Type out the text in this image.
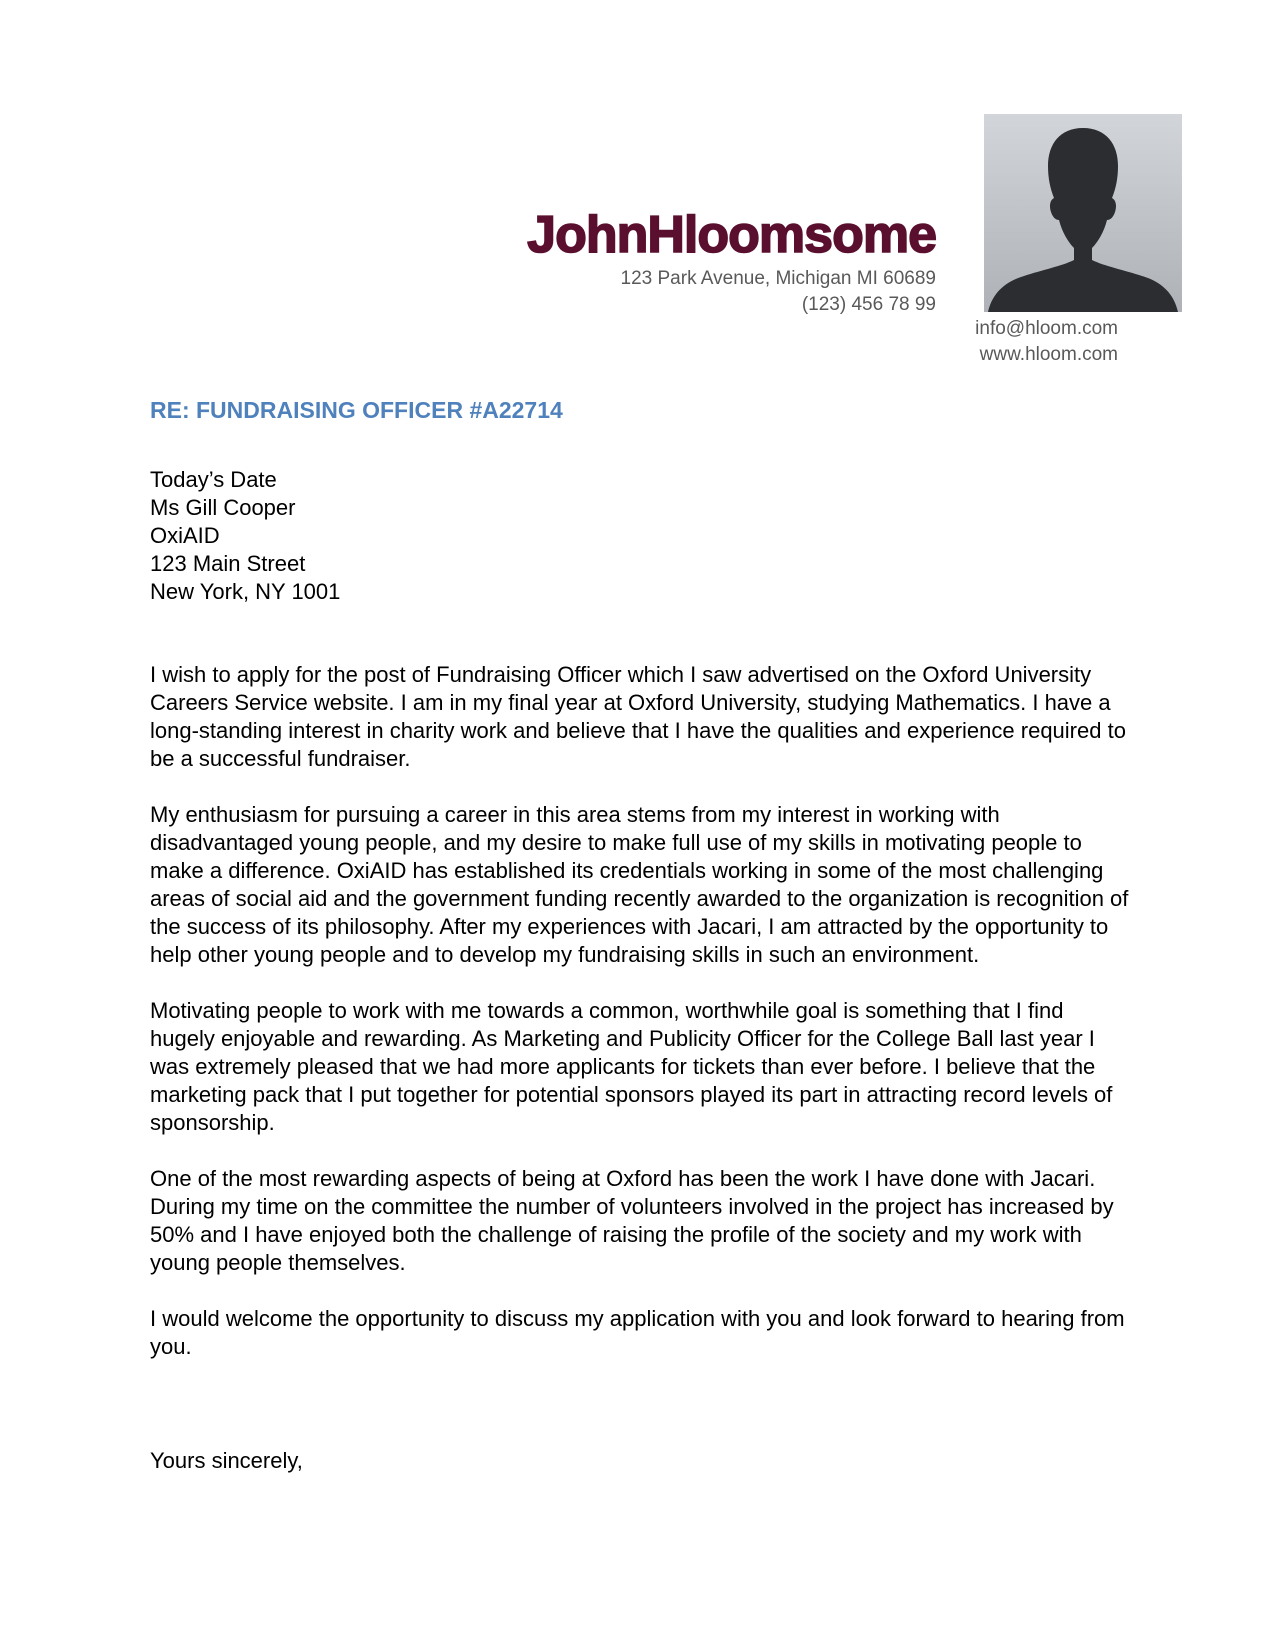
JohnHloomsome
123 Park Avenue, Michigan MI 60689
(123) 456 78 99
info@hloom.com
www.hloom.com
RE: FUNDRAISING OFFICER #A22714
Today’s Date
Ms Gill Cooper
OxiAID
123 Main Street
New York, NY 1001

I wish to apply for the post of Fundraising Officer which I saw advertised on the Oxford University Careers Service website. I am in my final year at Oxford University, studying Mathematics. I have a long-standing interest in charity work and believe that I have the qualities and experience required to be a successful fundraiser.

My enthusiasm for pursuing a career in this area stems from my interest in working with disadvantaged young people, and my desire to make full use of my skills in motivating people to make a difference. OxiAID has established its credentials working in some of the most challenging areas of social aid and the government funding recently awarded to the organization is recognition of the success of its philosophy. After my experiences with Jacari, I am attracted by the opportunity to help other young people and to develop my fundraising skills in such an environment.

Motivating people to work with me towards a common, worthwhile goal is something that I find hugely enjoyable and rewarding. As Marketing and Publicity Officer for the College Ball last year I was extremely pleased that we had more applicants for tickets than ever before. I believe that the marketing pack that I put together for potential sponsors played its part in attracting record levels of sponsorship.

One of the most rewarding aspects of being at Oxford has been the work I have done with Jacari. During my time on the committee the number of volunteers involved in the project has increased by 50% and I have enjoyed both the challenge of raising the profile of the society and my work with young people themselves.

I would welcome the opportunity to discuss my application with you and look forward to hearing from you.

Yours sincerely,
